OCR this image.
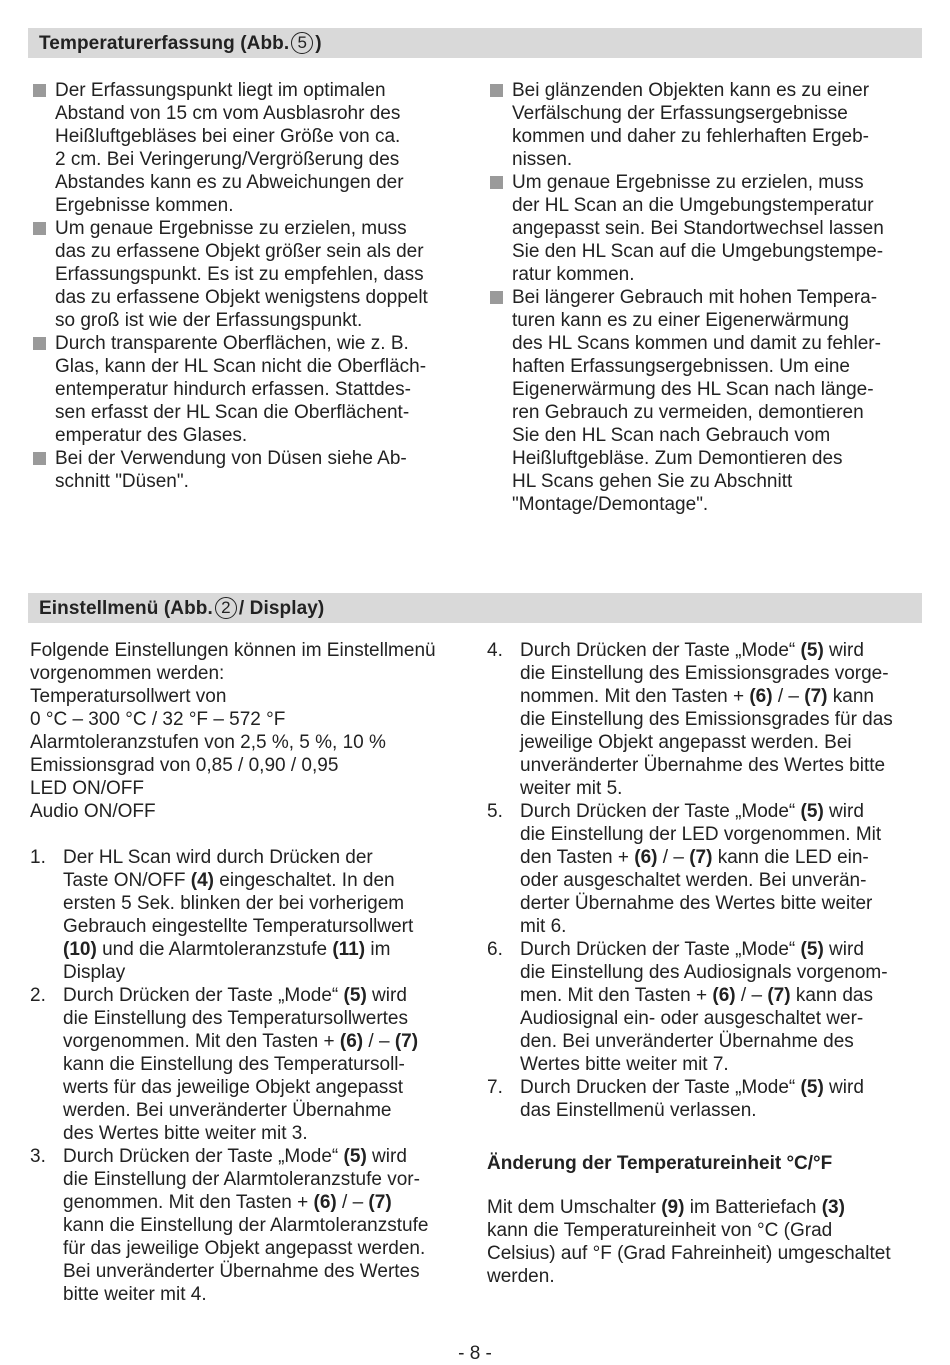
Temperaturerfassung (Abb. 5 )
Der Erfassungspunkt liegt im optimalen
Abstand von 15 cm vom Ausblasrohr des
Heißluftgebläses bei einer Größe von ca.
2 cm. Bei Veringerung/Vergrößerung des
Abstandes kann es zu Abweichungen der
Ergebnisse kommen.
Um genaue Ergebnisse zu erzielen, muss
das zu erfassene Objekt größer sein als der
Erfassungspunkt. Es ist zu empfehlen, dass
das zu erfassene Objekt wenigstens doppelt
so groß ist wie der Erfassungspunkt.
Durch transparente Oberflächen, wie z. B.
Glas, kann der HL Scan nicht die Oberfläch-
entemperatur hindurch erfassen. Stattdes-
sen erfasst der HL Scan die Oberflächent-
emperatur des Glases.
Bei der Verwendung von Düsen siehe Ab-
schnitt "Düsen".
Bei glänzenden Objekten kann es zu einer
Verfälschung der Erfassungsergebnisse
kommen und daher zu fehlerhaften Ergeb-
nissen.
Um genaue Ergebnisse zu erzielen, muss
der HL Scan an die Umgebungstemperatur
angepasst sein. Bei Standortwechsel lassen
Sie den HL Scan auf die Umgebungstempe-
ratur kommen.
Bei längerer Gebrauch mit hohen Tempera-
turen kann es zu einer Eigenerwärmung
des HL Scans kommen und damit zu fehler-
haften Erfassungsergebnissen. Um eine
Eigenerwärmung des HL Scan nach länge-
ren Gebrauch zu vermeiden, demontieren
Sie den HL Scan nach Gebrauch vom
Heißluftgebläse. Zum Demontieren des
HL Scans gehen Sie zu Abschnitt
"Montage/Demontage".
Einstellmenü (Abb. 2 / Display)

Folgende Einstellungen können im Einstellmenü

vorgenommen werden:

Temperatursollwert von

0 °C – 300 °C / 32 °F – 572 °F

Alarmtoleranzstufen von 2,5 %, 5 %, 10 %

Emissionsgrad von 0,85 / 0,90 / 0,95

LED ON/OFF

Audio ON/OFF

1. Der HL Scan wird durch Drücken der
Taste ON/OFF (4) eingeschaltet. In den
ersten 5 Sek. blinken der bei vorherigem
Gebrauch eingestellte Temperatursollwert
(10) und die Alarmtoleranzstufe (11) im
Display
2. Durch Drücken der Taste „Mode“ (5) wird
die Einstellung des Temperatursollwertes
vorgenommen. Mit den Tasten + (6) / – (7)
kann die Einstellung des Temperatursoll-
werts für das jeweilige Objekt angepasst
werden. Bei unveränderter Übernahme
des Wertes bitte weiter mit 3.
3. Durch Drücken der Taste „Mode“ (5) wird
die Einstellung der Alarmtoleranzstufe vor-
genommen. Mit den Tasten + (6) / – (7)
kann die Einstellung der Alarmtoleranzstufe
für das jeweilige Objekt angepasst werden.
Bei unveränderter Übernahme des Wertes
bitte weiter mit 4.
4. Durch Drücken der Taste „Mode“ (5) wird
die Einstellung des Emissionsgrades vorge-
nommen. Mit den Tasten + (6) / – (7) kann
die Einstellung des Emissionsgrades für das
jeweilige Objekt angepasst werden. Bei
unveränderter Übernahme des Wertes bitte
weiter mit 5.
5. Durch Drücken der Taste „Mode“ (5) wird
die Einstellung der LED vorgenommen. Mit
den Tasten + (6) / – (7) kann die LED ein-
oder ausgeschaltet werden. Bei unverän-
derter Übernahme des Wertes bitte weiter
mit 6.
6. Durch Drücken der Taste „Mode“ (5) wird
die Einstellung des Audiosignals vorgenom-
men. Mit den Tasten + (6) / – (7) kann das
Audiosignal ein- oder ausgeschaltet wer-
den. Bei unveränderter Übernahme des
Wertes bitte weiter mit 7.
7. Durch Drucken der Taste „Mode“ (5) wird
das Einstellmenü verlassen.
Änderung der Temperatureinheit °C/°F

Mit dem Umschalter (9) im Batteriefach (3)

kann die Temperatureinheit von °C (Grad

Celsius) auf °F (Grad Fahreinheit) umgeschaltet

werden.

- 8 -
